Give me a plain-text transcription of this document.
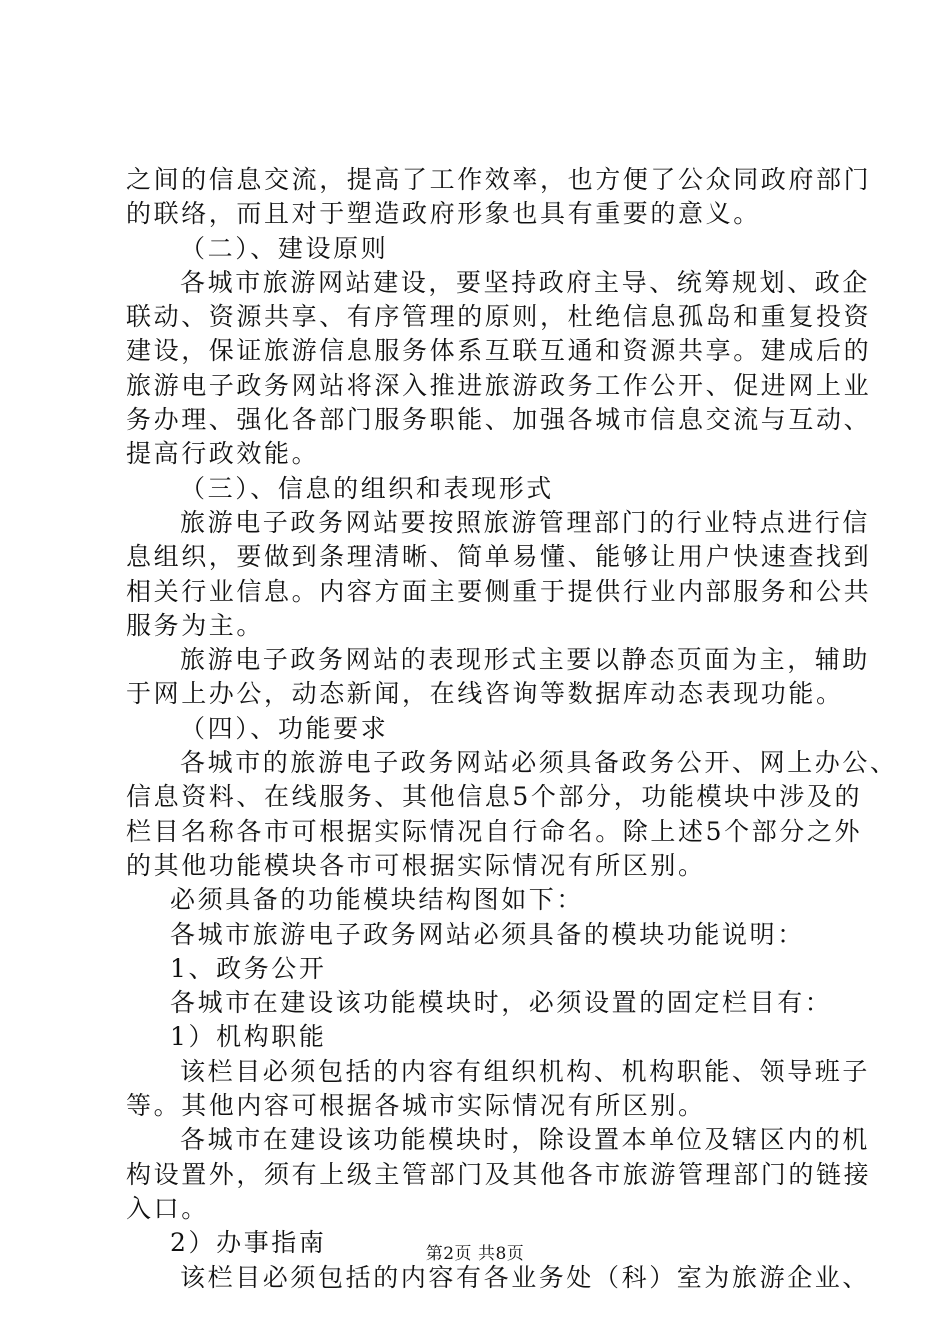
之间的信息交流，提高了工作效率，也方便了公众同政府部门
的联络，而且对于塑造政府形象也具有重要的意义。
（二）、建设原则
各城市旅游网站建设，要坚持政府主导、统筹规划、政企
联动、资源共享、有序管理的原则，杜绝信息孤岛和重复投资
建设，保证旅游信息服务体系互联互通和资源共享。建成后的
旅游电子政务网站将深入推进旅游政务工作公开、促进网上业
务办理、强化各部门服务职能、加强各城市信息交流与互动、
提高行政效能。
（三）、信息的组织和表现形式
旅游电子政务网站要按照旅游管理部门的行业特点进行信
息组织，要做到条理清晰、简单易懂、能够让用户快速查找到
相关行业信息。内容方面主要侧重于提供行业内部服务和公共
服务为主。
旅游电子政务网站的表现形式主要以静态页面为主，辅助
于网上办公，动态新闻，在线咨询等数据库动态表现功能。
（四）、功能要求
各城市的旅游电子政务网站必须具备政务公开、网上办公、
信息资料、在线服务、其他信息5个部分，功能模块中涉及的
栏目名称各市可根据实际情况自行命名。除上述5个部分之外
的其他功能模块各市可根据实际情况有所区别。
必须具备的功能模块结构图如下：
各城市旅游电子政务网站必须具备的模块功能说明：
1、政务公开
各城市在建设该功能模块时，必须设置的固定栏目有：
1）机构职能
该栏目必须包括的内容有组织机构、机构职能、领导班子
等。其他内容可根据各城市实际情况有所区别。
各城市在建设该功能模块时，除设置本单位及辖区内的机
构设置外，须有上级主管部门及其他各市旅游管理部门的链接
入口。
2）办事指南
该栏目必须包括的内容有各业务处（科）室为旅游企业、
第2页 共8页
